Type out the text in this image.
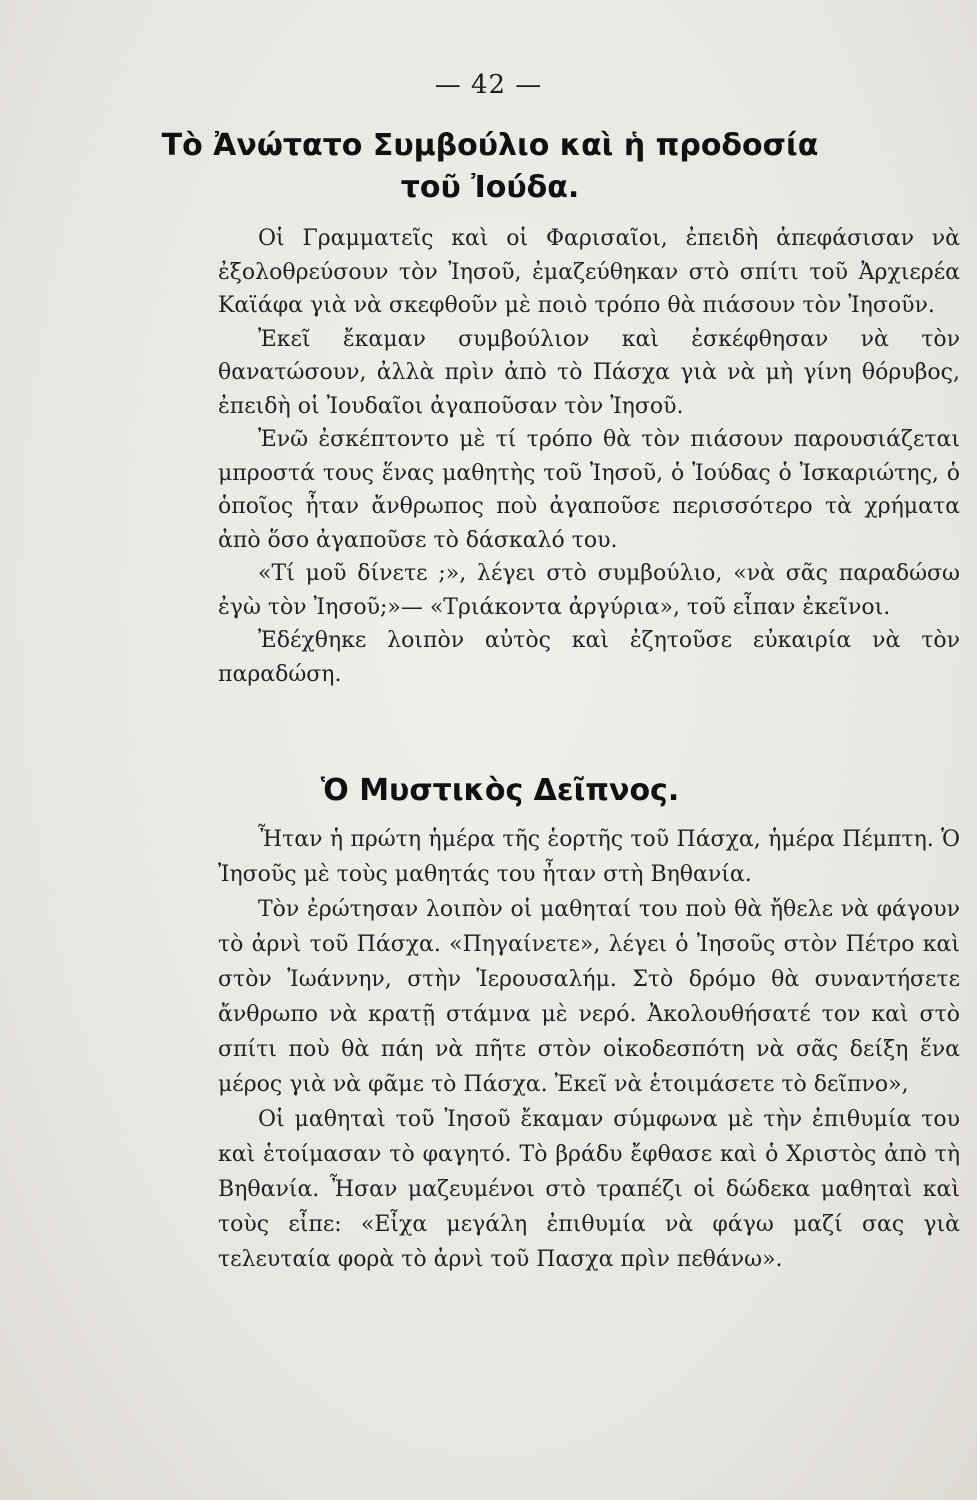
— 42 —
Τὸ Ἀνώτατο Συμβούλιο καὶ ἡ προδοσία
τοῦ Ἰούδα.

Οἱ Γραμματεῖς καὶ οἱ Φαρισαῖοι, ἐπειδὴ ἀπεφάσισαν νὰ ἐξολοθρεύσουν τὸν Ἰησοῦ, ἐμαζεύθηκαν στὸ σπίτι τοῦ Ἀρχιερέα Καϊάφα γιὰ νὰ σκεφθοῦν μὲ ποιὸ τρόπο θὰ πιάσουν τὸν Ἰησοῦν.

Ἐκεῖ ἔκαμαν συμβούλιον καὶ ἐσκέφθησαν νὰ τὸν θανατώσουν, ἀλλὰ πρὶν ἀπὸ τὸ Πάσχα γιὰ νὰ μὴ γίνη θόρυβος, ἐπειδὴ οἱ Ἰουδαῖοι ἀγαποῦσαν τὸν Ἰησοῦ.

Ἐνῶ ἐσκέπτοντο μὲ τί τρόπο θὰ τὸν πιάσουν παρουσιάζεται μπροστά τους ἕνας μαθητὴς τοῦ Ἰησοῦ, ὁ Ἰούδας ὁ Ἰσκαριώτης, ὁ ὁποῖος ἦταν ἄνθρωπος ποὺ ἀγαποῦσε περισσότερο τὰ χρήματα ἀπὸ ὅσο ἀγαποῦσε τὸ δάσκαλό του.

«Τί μοῦ δίνετε ;», λέγει στὸ συμβούλιο, «νὰ σᾶς παραδώσω ἐγὼ τὸν Ἰησοῦ;»— «Τριάκοντα ἀργύρια», τοῦ εἶπαν ἐκεῖνοι.

Ἐδέχθηκε λοιπὸν αὐτὸς καὶ ἐζητοῦσε εὐκαιρία νὰ τὸν παραδώση.

Ὁ Μυστικὸς Δεῖπνος.

Ἦταν ἡ πρώτη ἡμέρα τῆς ἑορτῆς τοῦ Πάσχα, ἡμέρα Πέμπτη. Ὁ Ἰησοῦς μὲ τοὺς μαθητάς του ἦταν στὴ Βηθανία.

Τὸν ἐρώτησαν λοιπὸν οἱ μαθηταί του ποὺ θὰ ἤθελε νὰ φάγουν τὸ ἀρνὶ τοῦ Πάσχα. «Πηγαίνετε», λέγει ὁ Ἰησοῦς στὸν Πέτρο καὶ στὸν Ἰωάννην, στὴν Ἱερουσαλήμ. Στὸ δρόμο θὰ συναντήσετε ἄνθρωπο νὰ κρατῇ στάμνα μὲ νερό. Ἀκολουθήσατέ τον καὶ στὸ σπίτι ποὺ θὰ πάη νὰ πῆτε στὸν οἰκοδεσπότη νὰ σᾶς δείξη ἕνα μέρος γιὰ νὰ φᾶμε τὸ Πάσχα. Ἐκεῖ νὰ ἑτοιμάσετε τὸ δεῖπνο»,

Οἱ μαθηταὶ τοῦ Ἰησοῦ ἔκαμαν σύμφωνα μὲ τὴν ἐπιθυμία του καὶ ἑτοίμασαν τὸ φαγητό. Τὸ βράδυ ἔφθασε καὶ ὁ Χριστὸς ἀπὸ τὴ Βηθανία. Ἦσαν μαζευμένοι στὸ τραπέζι οἱ δώδεκα μαθηταὶ καὶ τοὺς εἶπε: «Εἶχα μεγάλη ἐπιθυμία νὰ φάγω μαζί σας γιὰ τελευταία φορὰ τὸ ἀρνὶ τοῦ Πασχα πρὶν πεθάνω».
